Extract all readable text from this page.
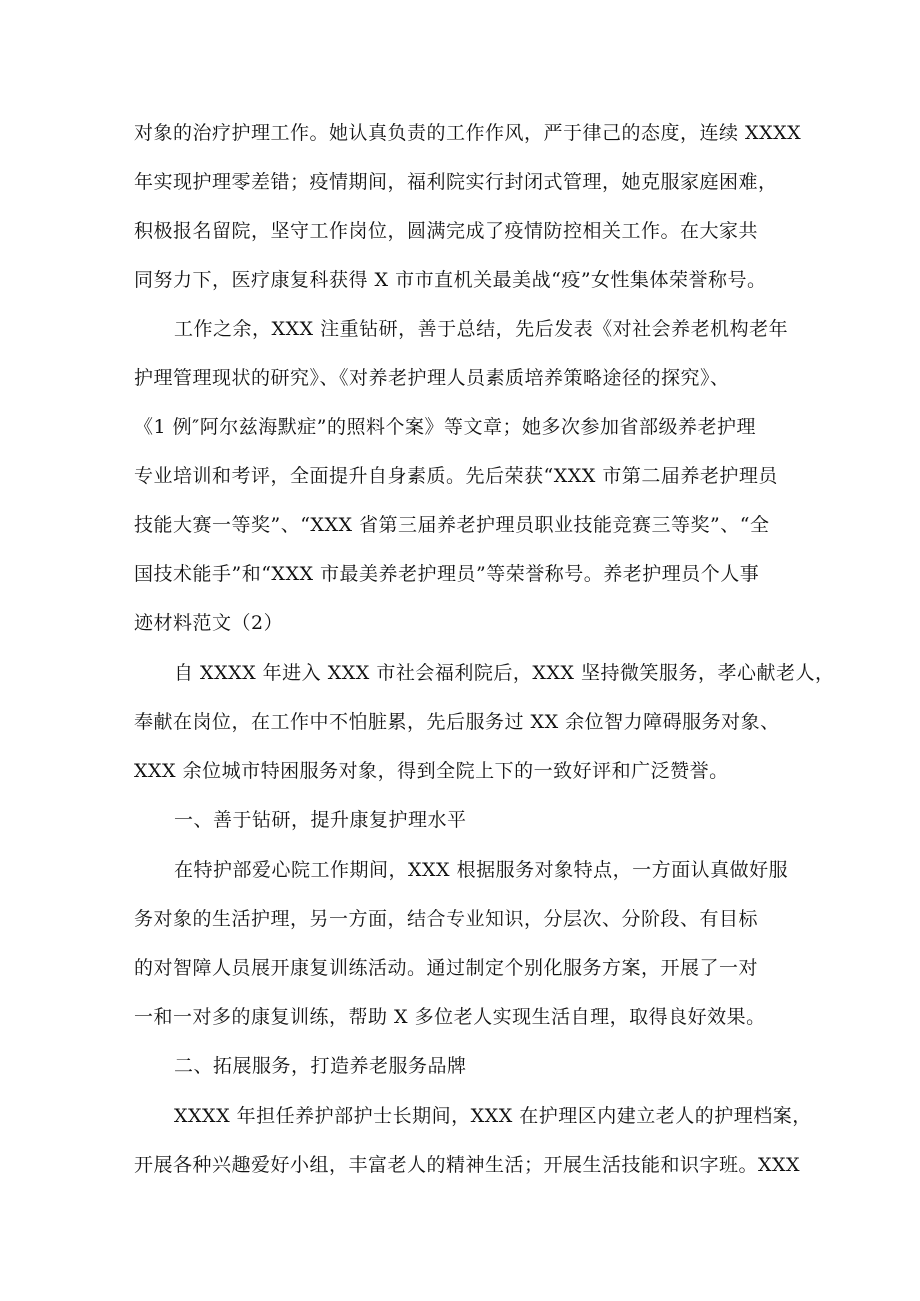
对象的治疗护理工作。她认真负责的工作作风，严于律己的态度，连续 XXXX
年实现护理零差错；疫情期间，福利院实行封闭式管理，她克服家庭困难，
积极报名留院，坚守工作岗位，圆满完成了疫情防控相关工作。在大家共
同努力下，医疗康复科获得 X 市市直机关最美战“疫”女性集体荣誉称号。
工作之余，XXX 注重钻研，善于总结，先后发表《对社会养老机构老年
护理管理现状的研究》、《对养老护理人员素质培养策略途径的探究》、
《1 例″阿尔兹海默症”的照料个案》等文章；她多次参加省部级养老护理
专业培训和考评，全面提升自身素质。先后荣获“XXX 市第二届养老护理员
技能大赛一等奖”、“XXX 省第三届养老护理员职业技能竞赛三等奖”、“全
国技术能手”和“XXX 市最美养老护理员”等荣誉称号。养老护理员个人事
迹材料范文（2）
自 XXXX 年进入 XXX 市社会福利院后，XXX 坚持微笑服务，孝心献老人，
奉献在岗位，在工作中不怕脏累，先后服务过 XX 余位智力障碍服务对象、
XXX 余位城市特困服务对象，得到全院上下的一致好评和广泛赞誉。
一、善于钻研，提升康复护理水平
在特护部爱心院工作期间，XXX 根据服务对象特点，一方面认真做好服
务对象的生活护理，另一方面，结合专业知识，分层次、分阶段、有目标
的对智障人员展开康复训练活动。通过制定个别化服务方案，开展了一对
一和一对多的康复训练，帮助 X 多位老人实现生活自理，取得良好效果。
二、拓展服务，打造养老服务品牌
XXXX 年担任养护部护士长期间，XXX 在护理区内建立老人的护理档案，
开展各种兴趣爱好小组，丰富老人的精神生活；开展生活技能和识字班。XXX
